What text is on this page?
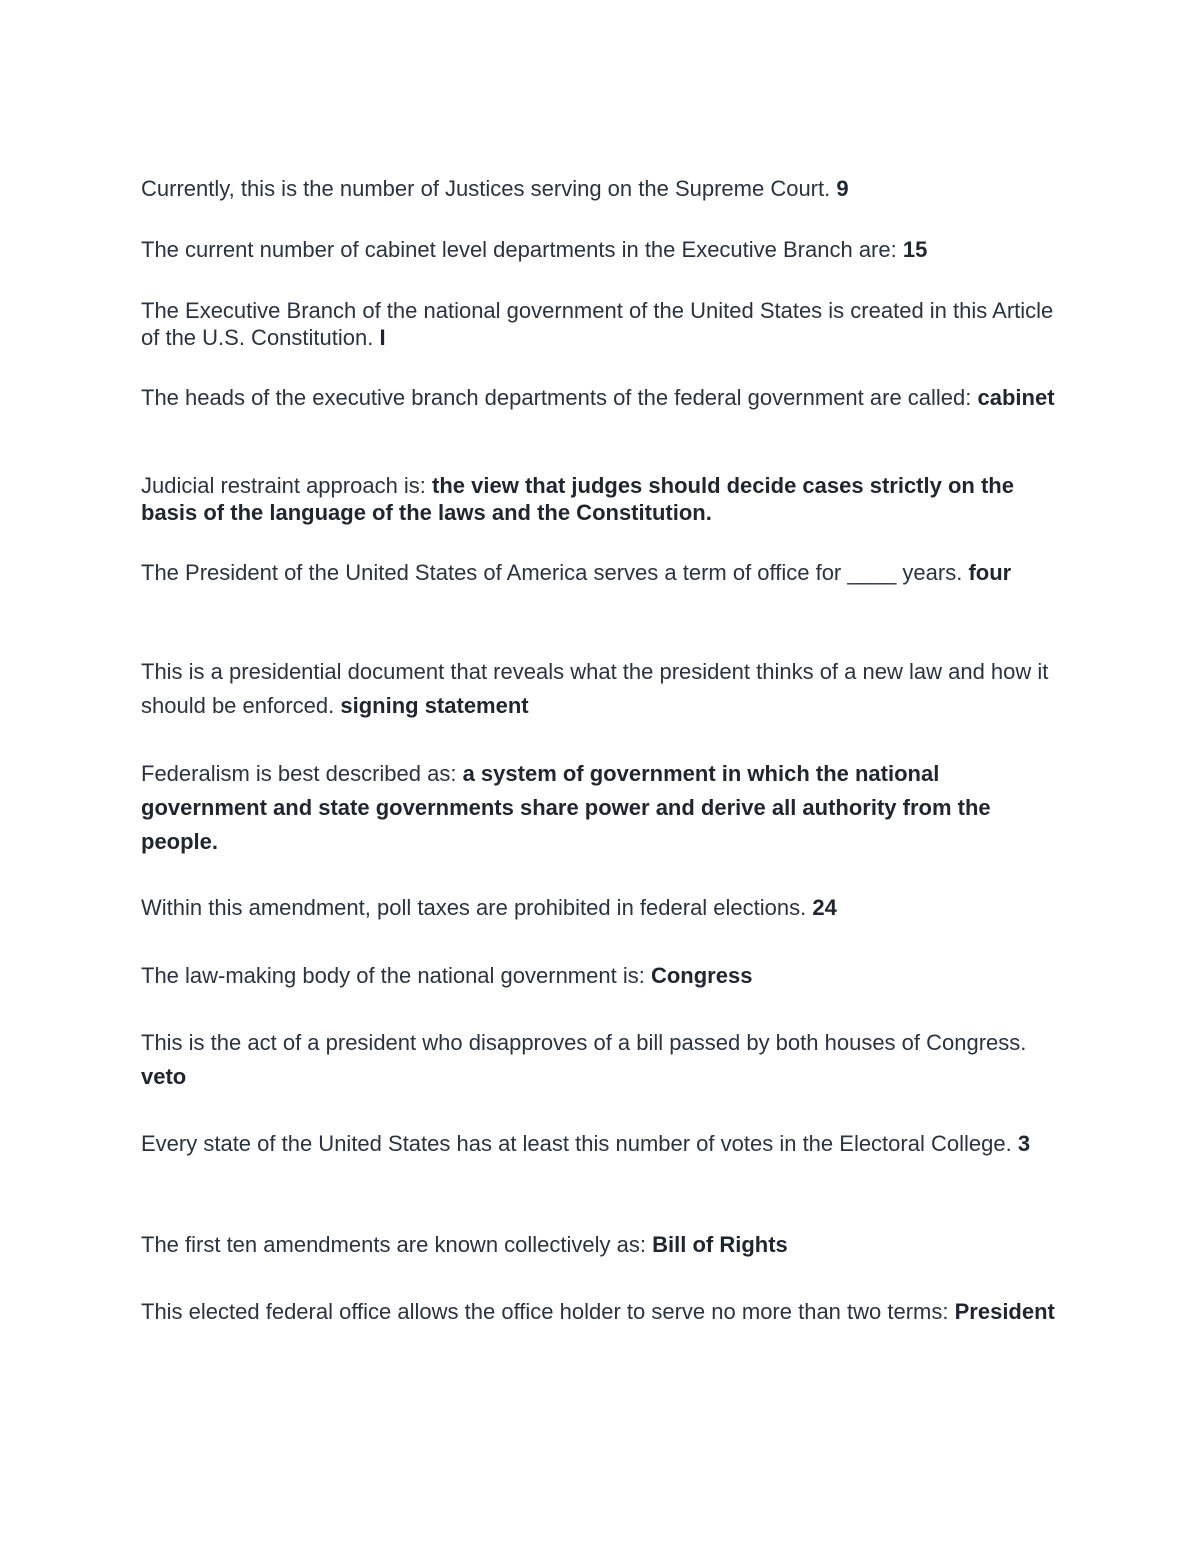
Currently, this is the number of Justices serving on the Supreme Court. 9

The current number of cabinet level departments in the Executive Branch are: 15

The Executive Branch of the national government of the United States is created in this Article of the U.S. Constitution. I

The heads of the executive branch departments of the federal government are called: cabinet

Judicial restraint approach is: the view that judges should decide cases strictly on the basis of the language of the laws and the Constitution.

The President of the United States of America serves a term of office for ____ years. four

This is a presidential document that reveals what the president thinks of a new law and how it should be enforced. signing statement

Federalism is best described as: a system of government in which the national government and state governments share power and derive all authority from the people.

Within this amendment, poll taxes are prohibited in federal elections. 24

The law-making body of the national government is: Congress

This is the act of a president who disapproves of a bill passed by both houses of Congress. veto

Every state of the United States has at least this number of votes in the Electoral College. 3

The first ten amendments are known collectively as: Bill of Rights

This elected federal office allows the office holder to serve no more than two terms: President
